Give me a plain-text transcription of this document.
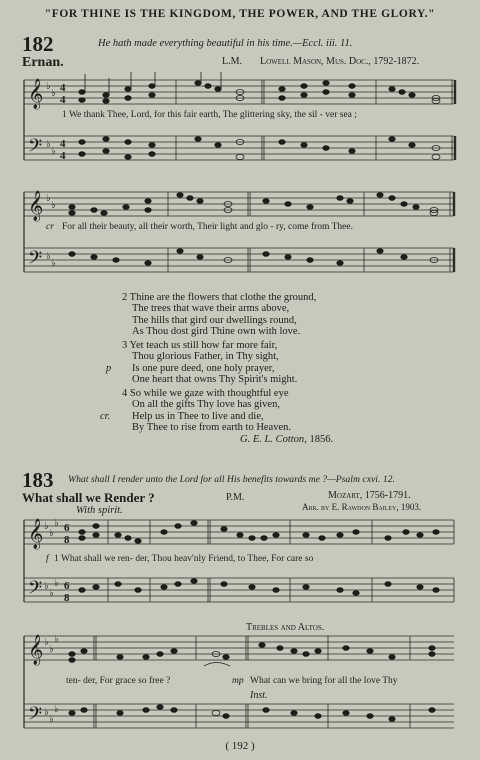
"FOR THINE IS THE KINGDOM, THE POWER, AND THE GLORY."
182	He hath made everything beautiful in his time.—Eccl. iii. 11.
Ernan.	L.M. Lowell Mason, Mus. Doc., 1792-1872.
𝄞
𝄢
♭
♭
♭
♭
4
4
4
4
1 We thank Thee, Lord, for this fair earth, The glittering sky, the sil - ver sea ;
𝄞
𝄢
♭
♭
♭
♭
cr For all their beauty, all their worth, Their light and glo - ry, come from Thee.
2 Thine are the flowers that clothe the ground,
The trees that wave their arms above,
The hills that gird our dwellings round,
As Thou dost gird Thine own with love.
3 Yet teach us still how far more fair,
Thou glorious Father, in Thy sight,
Is one pure deed, one holy prayer,
One heart that owns Thy Spirit's might.
p
4 So while we gaze with thoughtful eye
On all the gifts Thy love has given,
Help us in Thee to live and die,
By Thee to rise from earth to Heaven.
cr.
G. E. L. Cotton, 1856.
183 What shall I render unto the Lord for all His benefits towards me ?—Psalm cxvi. 12.
What shall we Render ?	P.M.	Mozart, 1756-1791.
Arr. by E. Rawdon Bailey, 1903.
With spirit.
𝄞
𝄢
♭
♭
♭
♭
♭
♭
6
8
6
8
f 1 What shall we ren- der, Thou heav'nly Friend, to Thee, For care so
Trebles and Altos.
𝄞
𝄢
♭
♭
♭
♭
♭
♭
ten- der, For grace so free ?	mp What can we bring for all the love Thy
Inst.
( 192 )
